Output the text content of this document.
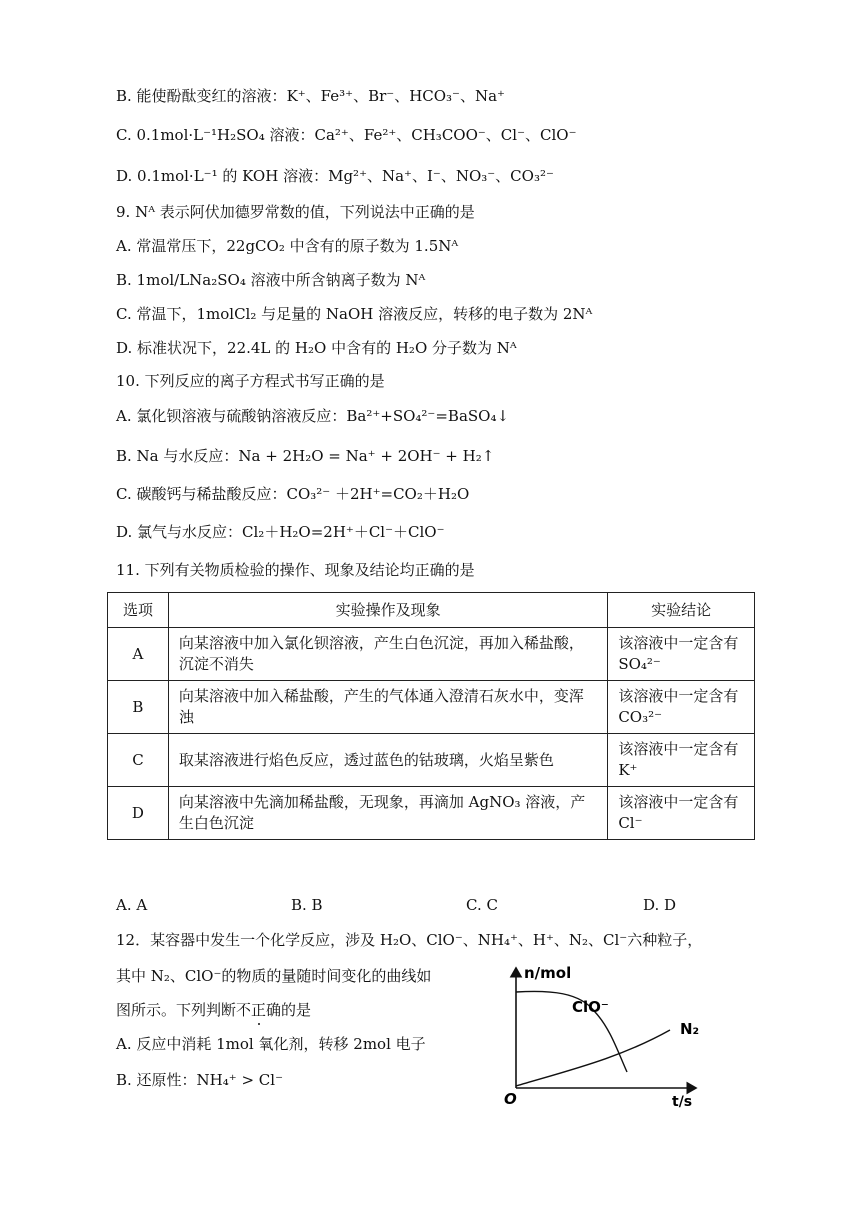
B. 能使酚酞变红的溶液：K⁺、Fe³⁺、Br⁻、HCO₃⁻、Na⁺
C. 0.1mol·L⁻¹H₂SO₄ 溶液：Ca²⁺、Fe²⁺、CH₃COO⁻、Cl⁻、ClO⁻
D. 0.1mol·L⁻¹ 的 KOH 溶液：Mg²⁺、Na⁺、I⁻、NO₃⁻、CO₃²⁻
9. Nᴬ 表示阿伏加德罗常数的值，下列说法中正确的是
A. 常温常压下，22gCO₂ 中含有的原子数为 1.5Nᴬ
B. 1mol/LNa₂SO₄ 溶液中所含钠离子数为 Nᴬ
C. 常温下，1molCl₂ 与足量的 NaOH 溶液反应，转移的电子数为 2Nᴬ
D. 标准状况下，22.4L 的 H₂O 中含有的 H₂O 分子数为 Nᴬ
10. 下列反应的离子方程式书写正确的是
A. 氯化钡溶液与硫酸钠溶液反应：Ba²⁺+SO₄²⁻=BaSO₄↓
B. Na 与水反应：Na + 2H₂O = Na⁺ + 2OH⁻ + H₂↑
C. 碳酸钙与稀盐酸反应：CO₃²⁻ ＋2H⁺=CO₂＋H₂O
D. 氯气与水反应：Cl₂＋H₂O=2H⁺＋Cl⁻＋ClO⁻
11. 下列有关物质检验的操作、现象及结论均正确的是
选项	实验操作及现象	实验结论
A	向某溶液中加入氯化钡溶液，产生白色沉淀，再加入稀盐酸，沉淀不消失	该溶液中一定含有 SO₄²⁻
B	向某溶液中加入稀盐酸，产生的气体通入澄清石灰水中，变浑浊	该溶液中一定含有 CO₃²⁻
C	取某溶液进行焰色反应，透过蓝色的钴玻璃，火焰呈紫色	该溶液中一定含有 K⁺
D	向某溶液中先滴加稀盐酸，无现象，再滴加 AgNO₃ 溶液，产生白色沉淀	该溶液中一定含有 Cl⁻
A. A	B. B	C. C	D. D
12．某容器中发生一个化学反应，涉及 H₂O、ClO⁻、NH₄⁺、H⁺、N₂、Cl⁻六种粒子，
其中 N₂、ClO⁻的物质的量随时间变化的曲线如
图所示。下列判断不正确的是
A. 反应中消耗 1mol 氧化剂，转移 2mol 电子
B. 还原性：NH₄⁺ > Cl⁻
n/mol
t/s
O
ClO⁻
N₂
